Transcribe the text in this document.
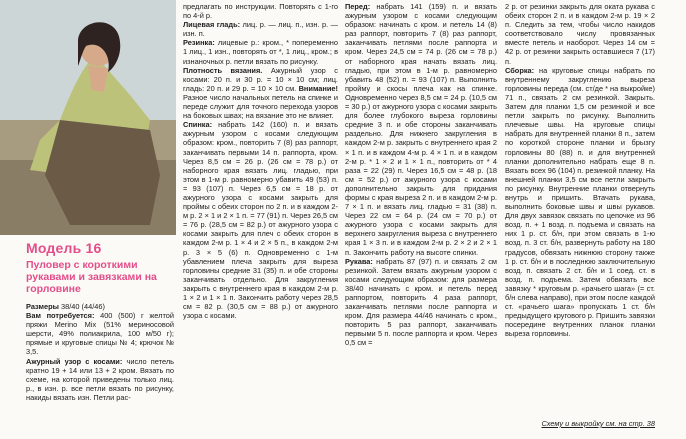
Модель 16
Пуловер с короткими рукавами и завязками на горловине

Размеры 38/40 (44/46)

Вам потребуется: 400 (500) г желтой пряжи Merino Mix (51% мериносовой шерсти, 49% полиакрила, 100 м/50 г); прямые и круговые спицы № 4; крючок № 3,5.

Ажурный узор с косами: число петель кратно 19 + 14 или 13 + 2 кром. Вязать по схеме, на которой приведены только лиц. р., в изн. р. все петли вязать по рисунку, накиды вязать изн. Петли рас-

предлагать по инструкции. Повторять с 1-го по 4-й р.

Лицевая гладь: лиц. р. — лиц. п., изн. р. — изн. п.

Резинка: лицевые р.: кром., * попеременно 1 лиц., 1 изн., повторять от *, 1 лиц., кром.; в изнаночных р. петли вязать по рисунку.

Плотность вязания. Ажурный узор с косами: 20 п. и 30 р. = 10 × 10 см; лиц. гладь: 20 п. и 29 р. = 10 × 10 см. Внимание! Разное число начальных петель на спинке и переде служит для точного перехода узоров на боковых швах; на вязание это не влияет.

Спинка: набрать 142 (160) п. и вязать ажурным узором с косами следующим образом: кром., повторить 7 (8) раз раппорт, заканчивать первыми 14 п. раппорта, кром. Через 8,5 см = 26 р. (26 см = 78 р.) от наборного края вязать лиц. гладью, при этом в 1-м р. равномерно убавить 49 (53) п. = 93 (107) п. Через 6,5 см = 18 р. от ажурного узора с косами закрыть для проймы с обеих сторон по 2 п. и в каждом 2-м р. 2 × 1 и 2 × 1 п. = 77 (91) п. Через 26,5 см = 76 р. (28,5 см = 82 р.) от ажурного узора с косами закрыть для плеч с обеих сторон в каждом 2-м р. 1 × 4 и 2 × 5 п., в каждом 2-м р. 3 × 5 (6) п. Одновременно с 1-м убавлением плеча закрыть для выреза горловины средние 31 (35) п. и обе стороны заканчивать отдельно. Для закругления закрыть с внутреннего края в каждом 2-м р. 1 × 2 и 1 × 1 п. Закончить работу через 28,5 см = 82 р. (30,5 см = 88 р.) от ажурного узора с косами.

Перед: набрать 141 (159) п. и вязать ажурным узором с косами следующим образом: начинать с кром. и петель 14 (8) раз раппорт, повторить 7 (8) раз раппорт, заканчивать петлями после раппорта и кром. Через 24,5 см = 74 р. (26 см = 78 р.) от наборного края начать вязать лиц. гладью, при этом в 1-м р. равномерно убавить 48 (52) п. = 93 (107) п. Выполнить пройму и скосы плеча как на спинке. Одновременно через 8,5 см = 24 р. (10,5 см = 30 р.) от ажурного узора с косами закрыть для более глубокого выреза горловины средние 3 п. и обе стороны заканчивать раздельно. Для нижнего закругления в каждом 2-м р. закрыть с внутреннего края 2 × 1 п. и в каждом 4-м р. 4 × 1 п. и в каждом 2-м р. * 1 × 2 и 1 × 1 п., повторить от * 4 раза = 22 (29) п. Через 16,5 см = 48 р. (18 см = 52 р.) от ажурного узора с косами дополнительно закрыть для придания формы с края выреза 2 п. и в каждом 2-м р. 7 × 1 п. и вязать лиц. гладью = 31 (38) п. Через 22 см = 64 р. (24 см = 70 р.) от ажурного узора с косами закрыть для верхнего закругления выреза с внутреннего края 1 × 3 п. и в каждом 2-м р. 2 × 2 и 2 × 1 п. Закончить работу на высоте спинки.

Рукава: набрать 87 (97) п. и связать 2 см резинкой. Затем вязать ажурным узором с косами следующим образом: для размера 38/40 начинать с кром. и петель перед раппортом, повторить 4 раза раппорт, заканчивать петлями после раппорта и кром. Для размера 44/46 начинать с кром., повторить 5 раз раппорт, заканчивать первыми 5 п. после раппорта и кром. Через 0,5 см =

2 р. от резинки закрыть для оката рукава с обеих сторон 2 п. и в каждом 2-м р. 19 × 2 п. Следить за тем, чтобы число накидов соответствовало числу провязанных вместе петель и наоборот. Через 14 см = 42 р. от резинки закрыть оставшиеся 7 (17) п.

Сборка: на круговые спицы набрать по внутреннему закруглению выреза горловины переда (см. ст/де * на выкройке) 71 п., связать 2 см резинкой. Закрыть. Затем для планки 1,5 см резинкой и все петли закрыть по рисунку. Выполнить плечевые швы. На круговые спицы набрать для внутренней планки 8 п., затем по короткой стороне планки и брызгу горловины 80 (88) п. и для внутренней планки дополнительно набрать еще 8 п. Вязать всех 96 (104) п. резинкой планку. На внешней планки 3,5 см все петли закрыть по рисунку. Внутренние планки отвернуть внутрь и пришить. Втачать рукава, выполнить боковые швы и швы рукавов. Для двух завязок связать по цепочке из 96 возд. п. + 1 возд. п. подъема и связать на них 1 р. ст. б/н, при этом связать в 1-ю возд. п. 3 ст. б/н, развернуть работу на 180 градусов, обвязать нижнюю сторону также 1 р. ст. б/н и в последнюю заключительную возд. п. связать 2 ст. б/н и 1 соед. ст. в возд. п. подъема. Затем обвязать все завязку * круговым р. «рачьего шага» (= ст. б/н слева направо), при этом после каждой ст. «рачьего шага» пропускать 1 ст. б/н предыдущего кругового р. Пришить завязки посередине внутренних планок планки выреза горловины.

Схему и выкройку см. на стр. 38
